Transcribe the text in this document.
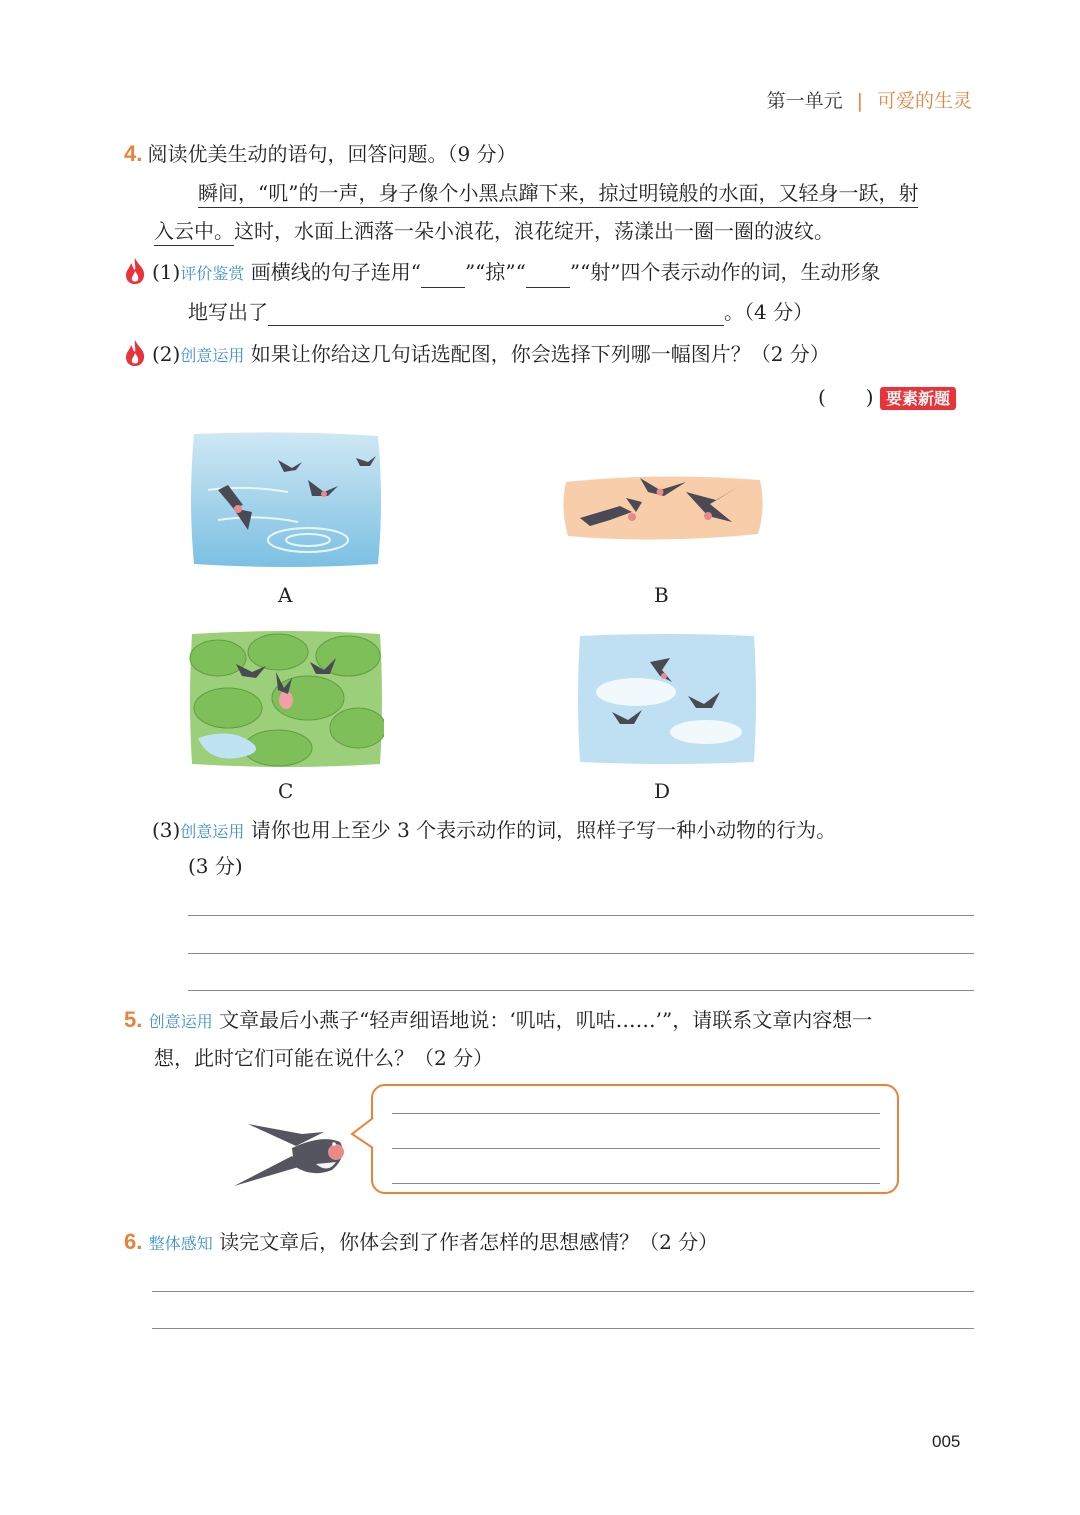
第一单元 | 可爱的生灵
4. 阅读优美生动的语句，回答问题。（9 分）
瞬间，“叽”的一声，身子像个小黑点蹿下来，掠过明镜般的水面，又轻身一跃，射
入云中。这时，水面上洒落一朵小浪花，浪花绽开，荡漾出一圈一圈的波纹。
(1)评价鉴赏 画横线的句子连用“ ”“掠”“ ”“射”四个表示动作的词，生动形象
地写出了	。（4 分）
(2)创意运用 如果让你给这几句话选配图，你会选择下列哪一幅图片？（2 分）
(　　) 要素新题
A	B
C	D
(3)创意运用 请你也用上至少 3 个表示动作的词，照样子写一种小动物的行为。
(3 分)
5. 创意运用 文章最后小燕子“轻声细语地说：‘叽咕，叽咕……’”，请联系文章内容想一
想，此时它们可能在说什么？（2 分）
6. 整体感知 读完文章后，你体会到了作者怎样的思想感情？（2 分）
005
